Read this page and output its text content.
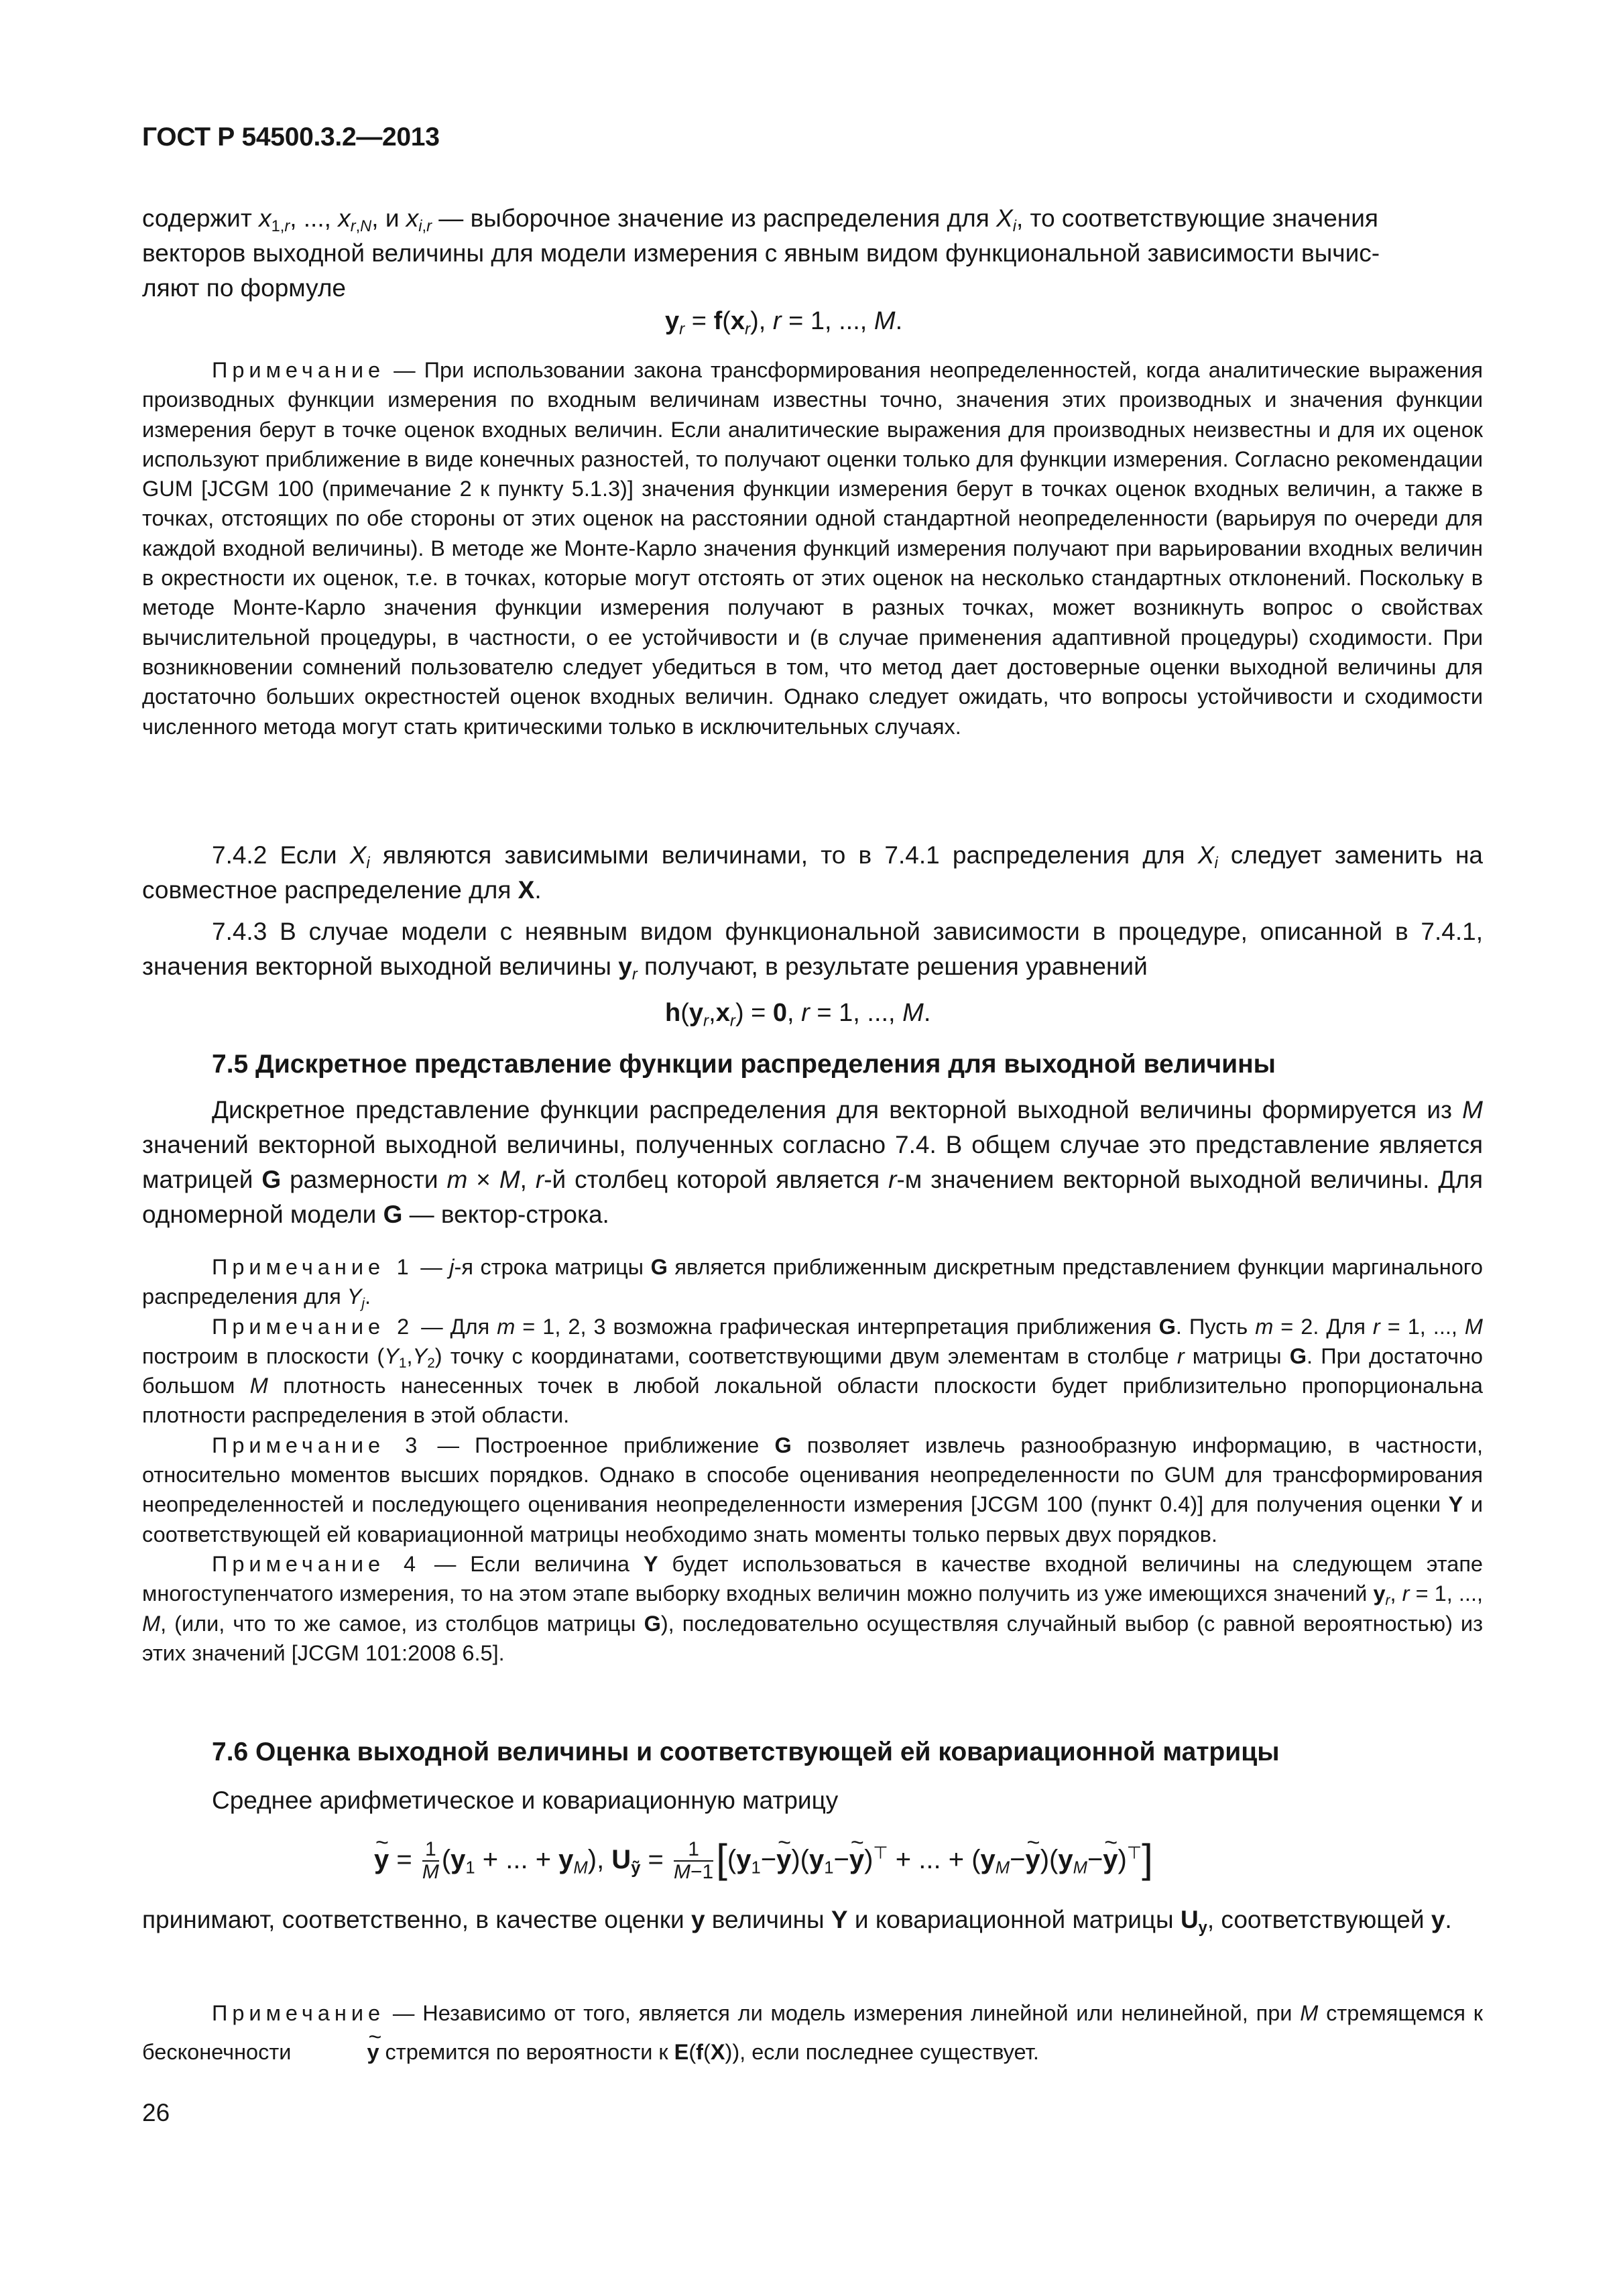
ГОСТ Р 54500.3.2—2013

содержит $x_{1,r}$, ..., $x_{r,N}$, и $x_{i,r}$ — выборочное значение из распределения для $X_i$, то соответствующие значения

векторов выходной величины для модели измерения с явным видом функциональной зависимости вычис-

ляют по формуле

$y_r = f(x_r)$, r = 1, ..., M.

Примечание — При использовании закона трансформирования неопределенностей, когда аналитические выражения производных функции измерения по входным величинам известны точно, значения этих производных и значения функции измерения берут в точке оценок входных величин. Если аналитические выражения для производных неизвестны и для их оценок используют приближение в виде конечных разностей, то получают оценки только для функции измерения. Согласно рекомендации GUM [JCGM 100 (примечание 2 к пункту 5.1.3)] значения функции измерения берут в точках оценок входных величин, а также в точках, отстоящих по обе стороны от этих оценок на расстоянии одной стандартной неопределенности (варьируя по очереди для каждой входной величины). В методе же Монте-Карло значения функций измерения получают при варьировании входных величин в окрестности их оценок, т.е. в точках, которые могут отстоять от этих оценок на несколько стандартных отклонений. Поскольку в методе Монте-Карло значения функции измерения получают в разных точках, может возникнуть вопрос о свойствах вычислительной процедуры, в частности, о ее устойчивости и (в случае применения адаптивной процедуры) сходимости. При возникновении сомнений пользователю следует убедиться в том, что метод дает достоверные оценки выходной величины для достаточно больших окрестностей оценок входных величин. Однако следует ожидать, что вопросы устойчивости и сходимости численного метода могут стать критическими только в исключительных случаях.

7.4.2 Если $X_i$ являются зависимыми величинами, то в 7.4.1 распределения для $X_i$ следует заменить на совместное распределение для X.

7.4.3 В случае модели с неявным видом функциональной зависимости в процедуре, описанной в 7.4.1, значения векторной выходной величины $y_r$ получают, в результате решения уравнений

$h(y_r,x_r) = 0$, r = 1, ..., M.
7.5 Дискретное представление функции распределения для выходной величины

Дискретное представление функции распределения для векторной выходной величины формируется из M значений векторной выходной величины, полученных согласно 7.4. В общем случае это представление является матрицей G размерности m × M, r-й столбец которой является r-м значением векторной выходной величины. Для одномерной модели G — вектор-строка.

Примечание 1 — j-я строка матрицы G является приближенным дискретным представлением функции маргинального распределения для $Y_j$.

Примечание 2 — Для m = 1, 2, 3 возможна графическая интерпретация приближения G. Пусть m = 2. Для r = 1, ..., M построим в плоскости $(Y_1,Y_2)$ точку с координатами, соответствующими двум элементам в столбце r матрицы G. При достаточно большом M плотность нанесенных точек в любой локальной области плоскости будет приблизительно пропорциональна плотности распределения в этой области.

Примечание 3 — Построенное приближение G позволяет извлечь разнообразную информацию, в частности, относительно моментов высших порядков. Однако в способе оценивания неопределенности по GUM для трансформирования неопределенностей и последующего оценивания неопределенности измерения [JCGM 100 (пункт 0.4)] для получения оценки Y и соответствующей ей ковариационной матрицы необходимо знать моменты только первых двух порядков.

Примечание 4 — Если величина Y будет использоваться в качестве входной величины на следующем этапе многоступенчатого измерения, то на этом этапе выборку входных величин можно получить из уже имеющихся значений $y_r$, r = 1, ..., M, (или, что то же самое, из столбцов матрицы G), последовательно осуществляя случайный выбор (с равной вероятностью) из этих значений [JCGM 101:2008 6.5].

7.6 Оценка выходной величины и соответствующей ей ковариационной матрицы

Среднее арифметическое и ковариационную матрицу

~ $y = \frac{1}{M} (y_1$ + ... + $y_M$), $U_ỹ = \frac{1}{M-1}$ [($y_1-\sim$ $y)(y_1-\sim$ y)⊤ + ... + ($y_M-\sim$ $y)(y_M-\sim$ y)⊤]

принимают, соответственно, в качестве оценки y величины Y и ковариационной матрицы $U_y$, соответствующей y.

Примечание — Независимо от того, является ли модель измерения линейной или нелинейной, при M стремящемся к бесконечности ~	y стремится по вероятности к E(f(X)), если последнее существует.

26
